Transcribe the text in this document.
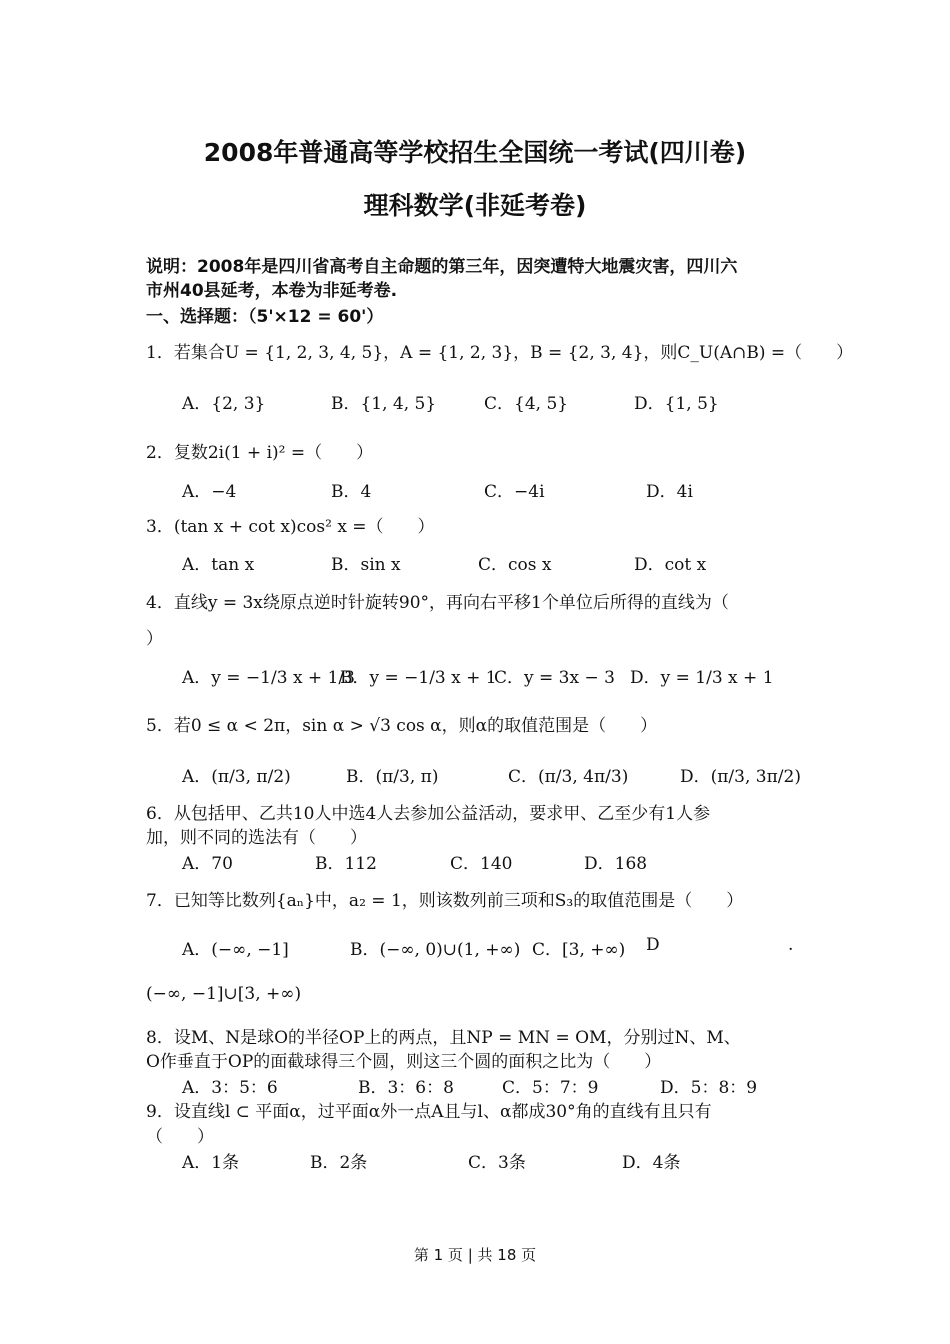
2008年普通高等学校招生全国统一考试(四川卷)
理科数学(非延考卷)
说明：2008年是四川省高考自主命题的第三年，因突遭特大地震灾害，四川六
市州40县延考，本卷为非延考卷.
一、选择题：（5'×12 = 60'）
1．若集合U = {1, 2, 3, 4, 5}，A = {1, 2, 3}，B = {2, 3, 4}，则C_U(A∩B) =（　　）
A．{2, 3}	B．{1, 4, 5}	C．{4, 5}	D．{1, 5}
2．复数2i(1 + i)² =（　　）
A．−4	B．4	C．−4i	D．4i
3．(tan x + cot x)cos² x =（　　）
A．tan x	B．sin x	C．cos x	D．cot x
4．直线y = 3x绕原点逆时针旋转90°，再向右平移1个单位后所得的直线为（
）
A．y = −1/3 x + 1/3
B．y = −1/3 x + 1
C．y = 3x − 3 D．y = 1/3 x + 1
5．若0 ≤ α < 2π，sin α > √3 cos α，则α的取值范围是（　　）
A．(π/3, π/2)	B．(π/3, π)	C．(π/3, 4π/3)	D．(π/3, 3π/2)
6．从包括甲、乙共10人中选4人去参加公益活动，要求甲、乙至少有1人参
加，则不同的选法有（　　）
A．70	B．112	C．140	D．168
7．已知等比数列{aₙ}中，a₂ = 1，则该数列前三项和S₃的取值范围是（　　）
A．(−∞, −1]	B．(−∞, 0)∪(1, +∞) C．[3, +∞) D	.
(−∞, −1]∪[3, +∞)
8．设M、N是球O的半径OP上的两点，且NP = MN = OM，分别过N、M、
O作垂直于OP的面截球得三个圆，则这三个圆的面积之比为（　　）
A．3：5：6	B．3：6：8	C．5：7：9	D．5：8：9
9．设直线l ⊂ 平面α，过平面α外一点A且与l、α都成30°角的直线有且只有
（　　）
A．1条	B．2条	C．3条	D．4条
第 1 页 | 共 18 页
